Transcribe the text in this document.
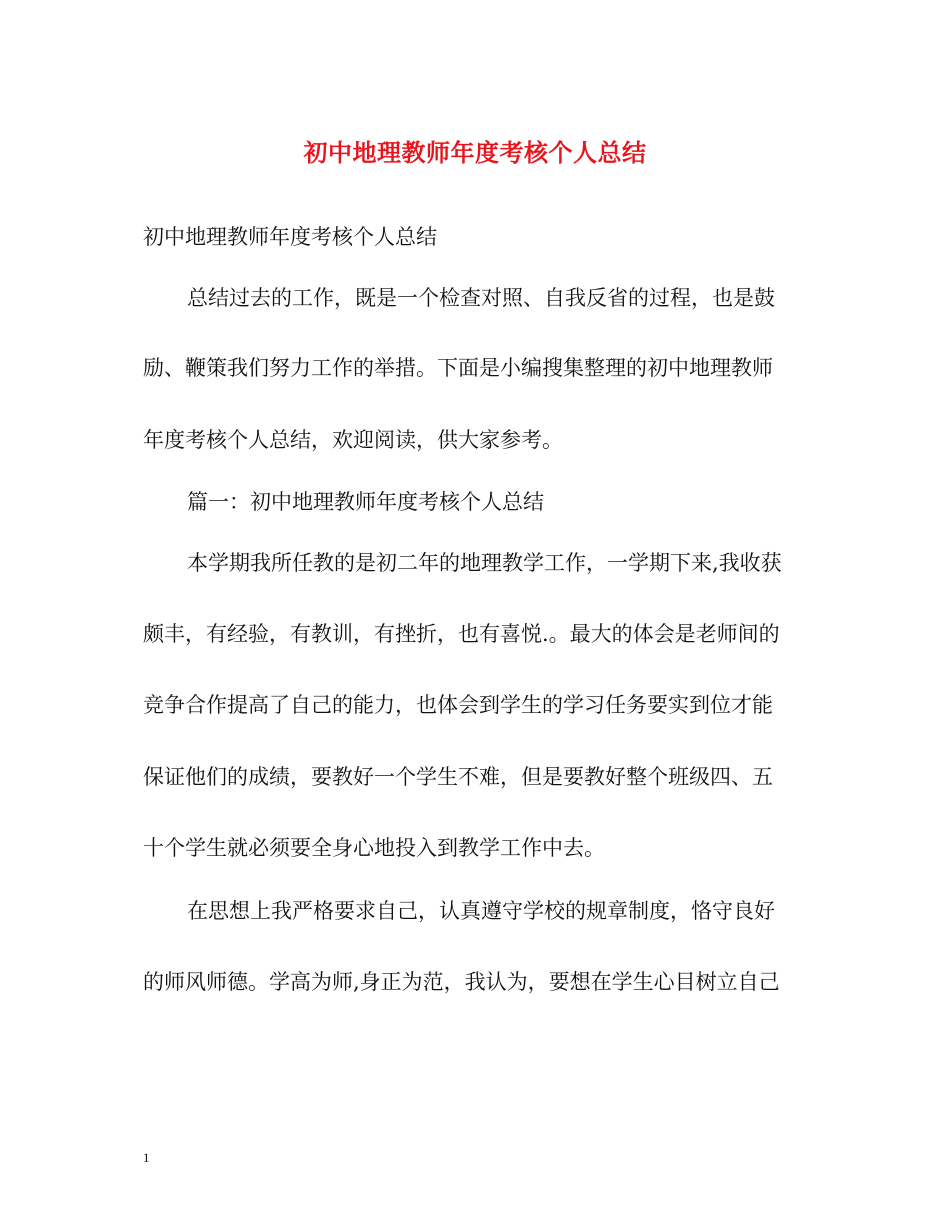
初中地理教师年度考核个人总结
初中地理教师年度考核个人总结
总结过去的工作，既是一个检查对照、自我反省的过程，也是鼓
励、鞭策我们努力工作的举措。下面是小编搜集整理的初中地理教师
年度考核个人总结，欢迎阅读，供大家参考。
篇一：初中地理教师年度考核个人总结
本学期我所任教的是初二年的地理教学工作，一学期下来,我收获
颇丰，有经验，有教训，有挫折，也有喜悦.。最大的体会是老师间的
竞争合作提高了自己的能力，也体会到学生的学习任务要实到位才能
保证他们的成绩，要教好一个学生不难，但是要教好整个班级四、五
十个学生就必须要全身心地投入到教学工作中去。
在思想上我严格要求自己，认真遵守学校的规章制度，恪守良好
的师风师德。学高为师,身正为范，我认为，要想在学生心目树立自己
1
